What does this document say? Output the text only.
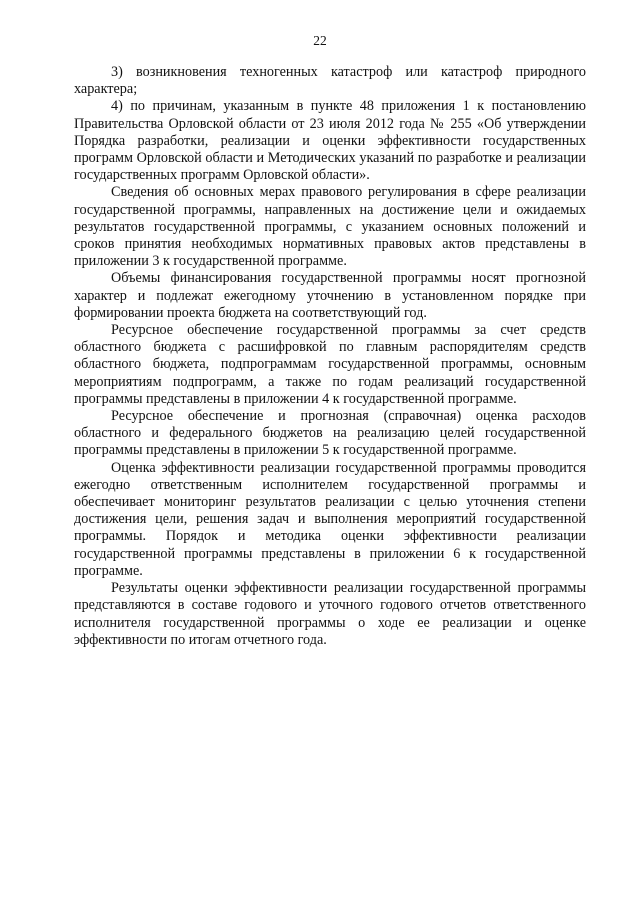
22

3) возникновения техногенных катастроф или катастроф природного характера;

4) по причинам, указанным в пункте 48 приложения 1 к постановлению Правительства Орловской области от 23 июля 2012 года № 255 «Об утверждении Порядка разработки, реализации и оценки эффективности государственных программ Орловской области и Методических указаний по разработке и реализации государственных программ Орловской области».

Сведения об основных мерах правового регулирования в сфере реализации государственной программы, направленных на достижение цели и ожидаемых результатов государственной программы, с указанием основных положений и сроков принятия необходимых нормативных правовых актов представлены в приложении 3 к государственной программе.

Объемы финансирования государственной программы носят прогнозной характер и подлежат ежегодному уточнению в установленном порядке при формировании проекта бюджета на соответствующий год.

Ресурсное обеспечение государственной программы за счет средств областного бюджета с расшифровкой по главным распорядителям средств областного бюджета, подпрограммам государственной программы, основным мероприятиям подпрограмм, а также по годам реализаций государственной программы представлены в приложении 4 к государственной программе.

Ресурсное обеспечение и прогнозная (справочная) оценка расходов областного и федерального бюджетов на реализацию целей государственной программы представлены в приложении 5 к государственной программе.

Оценка эффективности реализации государственной программы проводится ежегодно ответственным исполнителем государственной программы и обеспечивает мониторинг результатов реализации с целью уточнения степени достижения цели, решения задач и выполнения мероприятий государственной программы. Порядок и методика оценки эффективности реализации государственной программы представлены в приложении 6 к государственной программе.

Результаты оценки эффективности реализации государственной программы представляются в составе годового и уточного годового отчетов ответственного исполнителя государственной программы о ходе ее реализации и оценке эффективности по итогам отчетного года.
